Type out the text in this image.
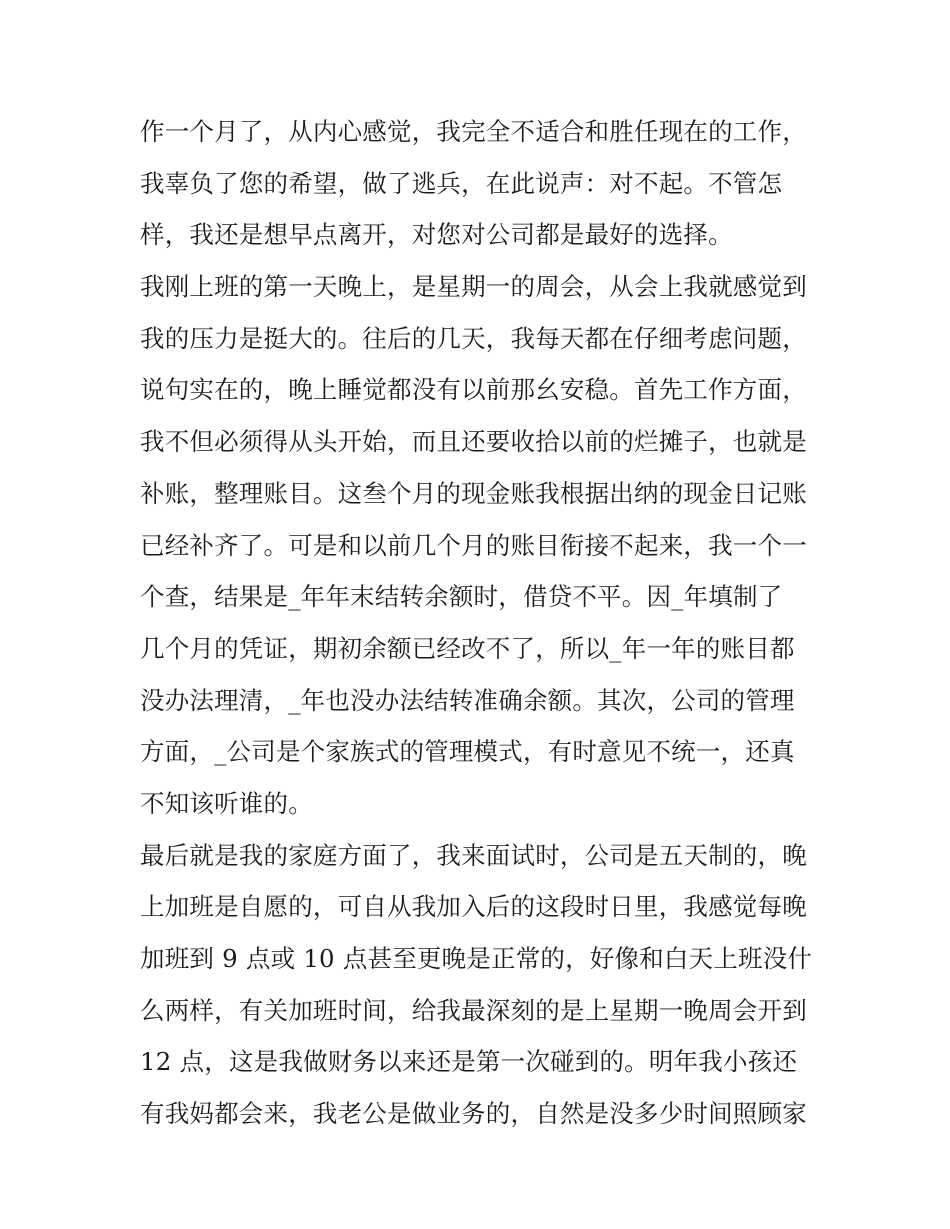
作一个月了，从内心感觉，我完全不适合和胜任现在的工作，
我辜负了您的希望，做了逃兵，在此说声：对不起。不管怎
样，我还是想早点离开，对您对公司都是最好的选择。
我刚上班的第一天晚上，是星期一的周会，从会上我就感觉到
我的压力是挺大的。往后的几天，我每天都在仔细考虑问题，
说句实在的，晚上睡觉都没有以前那幺安稳。首先工作方面，
我不但必须得从头开始，而且还要收拾以前的烂摊子，也就是
补账，整理账目。这叁个月的现金账我根据出纳的现金日记账
已经补齐了。可是和以前几个月的账目衔接不起来，我一个一
个查，结果是_年年末结转余额时，借贷不平。因_年填制了
几个月的凭证，期初余额已经改不了，所以_年一年的账目都
没办法理清，_年也没办法结转准确余额。其次，公司的管理
方面，_公司是个家族式的管理模式，有时意见不统一，还真
不知该听谁的。
最后就是我的家庭方面了，我来面试时，公司是五天制的，晚
上加班是自愿的，可自从我加入后的这段时日里，我感觉每晚
加班到 9 点或 10 点甚至更晚是正常的，好像和白天上班没什
么两样，有关加班时间，给我最深刻的是上星期一晚周会开到
12 点，这是我做财务以来还是第一次碰到的。明年我小孩还
有我妈都会来，我老公是做业务的，自然是没多少时间照顾家
